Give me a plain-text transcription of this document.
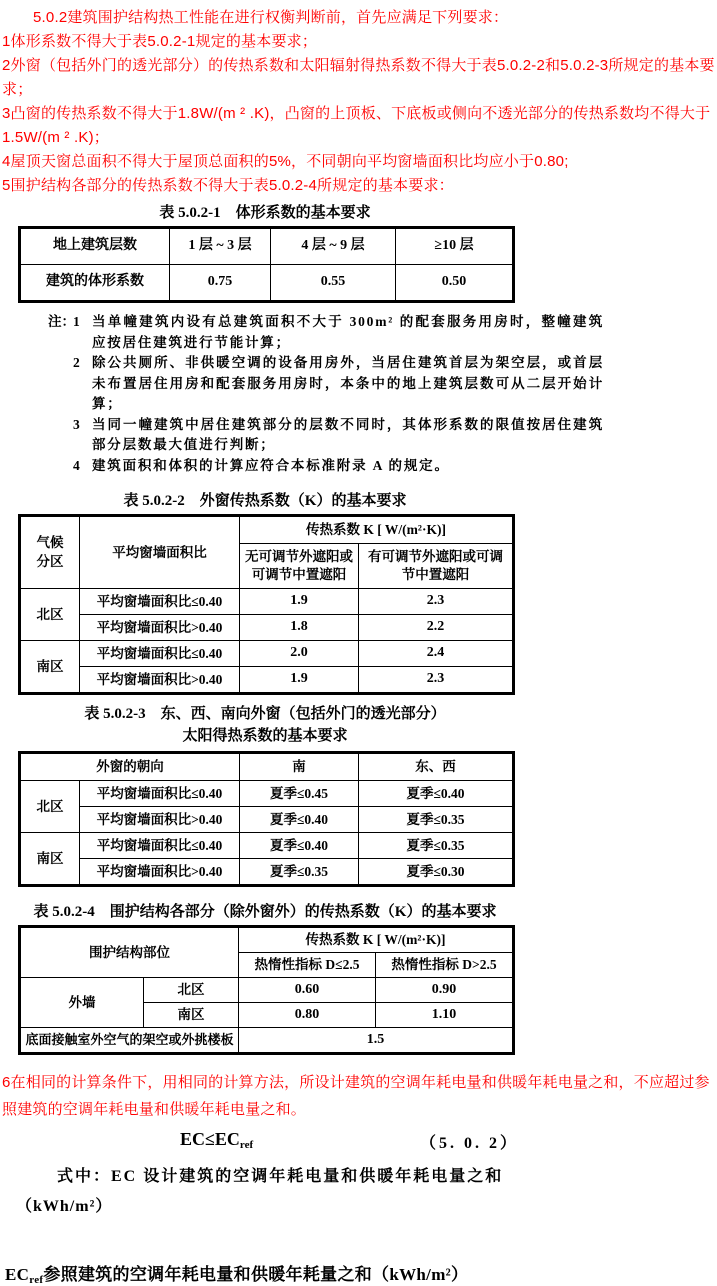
5.0.2建筑围护结构热工性能在进行权衡判断前，首先应满足下列要求：

1体形系数不得大于表5.0.2-1规定的基本要求；

2外窗（包括外门的透光部分）的传热系数和太阳辐射得热系数不得大于表5.0.2-2和5.0.2-3所规定的基本要求；

3凸窗的传热系数不得大于1.8W/(m ² .K)，凸窗的上顶板、下底板或侧向不透光部分的传热系数均不得大于1.5W/(m ² .K)；

4屋顶天窗总面积不得大于屋顶总面积的5%，不同朝向平均窗墙面积比均应小于0.80;

5围护结构各部分的传热系数不得大于表5.0.2-4所规定的基本要求：

表 5.0.2-1　体形系数的基本要求
地上建筑层数	1 层 ~ 3 层	4 层 ~ 9 层	≥10 层
建筑的体形系数	0.75	0.55	0.50
注：
1 当单幢建筑内设有总建筑面积不大于 300m² 的配套服务用房时，整幢建筑应按居住建筑进行节能计算；
2 除公共厕所、非供暖空调的设备用房外，当居住建筑首层为架空层，或首层未布置居住用房和配套服务用房时，本条中的地上建筑层数可从二层开始计算；
3 当同一幢建筑中居住建筑部分的层数不同时，其体形系数的限值按居住建筑部分层数最大值进行判断；
4 建筑面积和体积的计算应符合本标准附录 A 的规定。
表 5.0.2-2　外窗传热系数（K）的基本要求
气候分区	平均窗墙面积比	传热系数 K [ W/(m²·K)]	
		无可调节外遮阳或可调节中置遮阳	有可调节外遮阳或可调节中置遮阳
北区	平均窗墙面积比≤0.40	1.9	2.3
	平均窗墙面积比>0.40	1.8	2.2
南区	平均窗墙面积比≤0.40	2.0	2.4
	平均窗墙面积比>0.40	1.9	2.3
表 5.0.2-3　东、西、南向外窗（包括外门的透光部分）
太阳得热系数的基本要求
外窗的朝向		南	东、西
北区	平均窗墙面积比≤0.40	夏季≤0.45	夏季≤0.40
	平均窗墙面积比>0.40	夏季≤0.40	夏季≤0.35
南区	平均窗墙面积比≤0.40	夏季≤0.40	夏季≤0.35
	平均窗墙面积比>0.40	夏季≤0.35	夏季≤0.30
表 5.0.2-4　围护结构各部分（除外窗外）的传热系数（K）的基本要求
围护结构部位		传热系数 K [ W/(m²·K)]	
		热惰性指标 D≤2.5	热惰性指标 D>2.5
外墙	北区	0.60	0.90
	南区	0.80	1.10
底面接触室外空气的架空或外挑楼板		1.5	

6在相同的计算条件下，用相同的计算方法，所设计建筑的空调年耗电量和供暖年耗电量之和，不应超过参照建筑的空调年耗电量和供暖年耗电量之和。

$EC\le EC_{ref}$	（5. 0. 2）

式中：EC 设计建筑的空调年耗电量和供暖年耗电量之和

（kWh/m²）

$EC_{ref}$参照建筑的空调年耗电量和供暖年耗量之和（kWh/m²）
